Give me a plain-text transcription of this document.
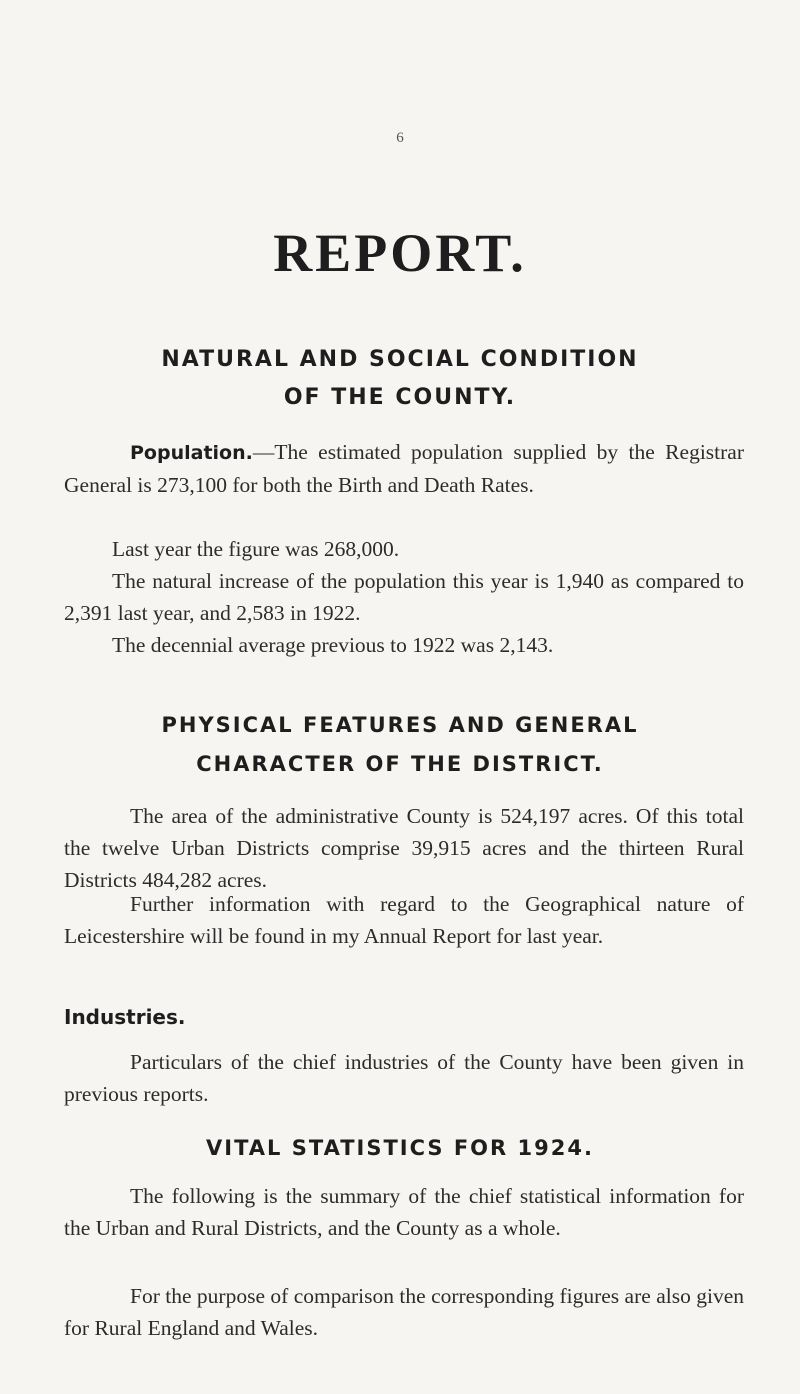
6
REPORT.
NATURAL AND SOCIAL CONDITION
OF THE COUNTY.
Population.—The estimated population supplied by the Registrar General is 273,100 for both the Birth and Death Rates.
Last year the figure was 268,000.
The natural increase of the population this year is 1,940 as compared to 2,391 last year, and 2,583 in 1922.
The decennial average previous to 1922 was 2,143.
PHYSICAL FEATURES AND GENERAL
CHARACTER OF THE DISTRICT.
The area of the administrative County is 524,197 acres. Of this total the twelve Urban Districts comprise 39,915 acres and the thirteen Rural Districts 484,282 acres.
Further information with regard to the Geographical nature of Leicestershire will be found in my Annual Report for last year.
Industries.
Particulars of the chief industries of the County have been given in previous reports.
VITAL STATISTICS FOR 1924.
The following is the summary of the chief statistical information for the Urban and Rural Districts, and the County as a whole.
For the purpose of comparison the corresponding figures are also given for Rural England and Wales.
